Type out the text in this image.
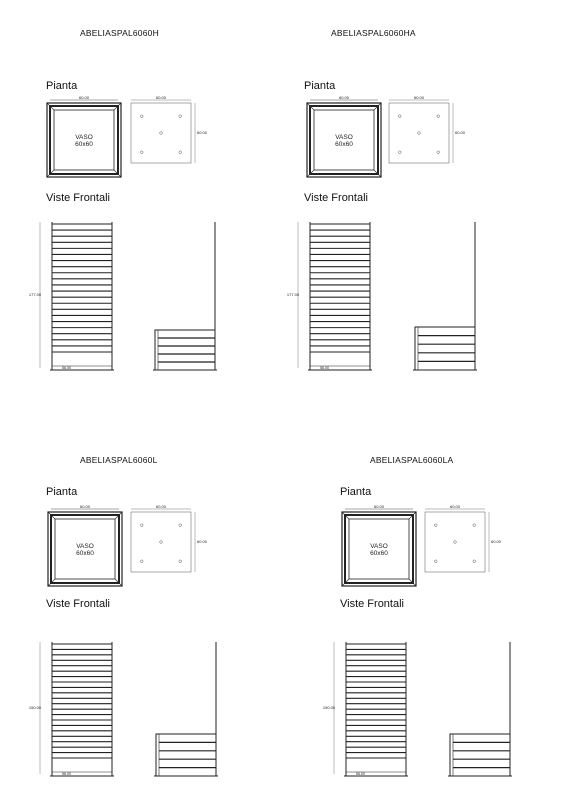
ABELIASPAL6060H
Pianta
Viste Frontali
60.00
VASO
60x60
60.00
60.00
177.00
56.00
ABELIASPAL6060HA
Pianta
Viste Frontali
60.00
VASO
60x60
60.00
60.00
177.00
56.00
ABELIASPAL6060L
Pianta
Viste Frontali
60.00
VASO
60x60
60.00
60.00
150.00
56.00
ABELIASPAL6060LA
Pianta
Viste Frontali
60.00
VASO
60x60
60.00
60.00
150.00
56.00
